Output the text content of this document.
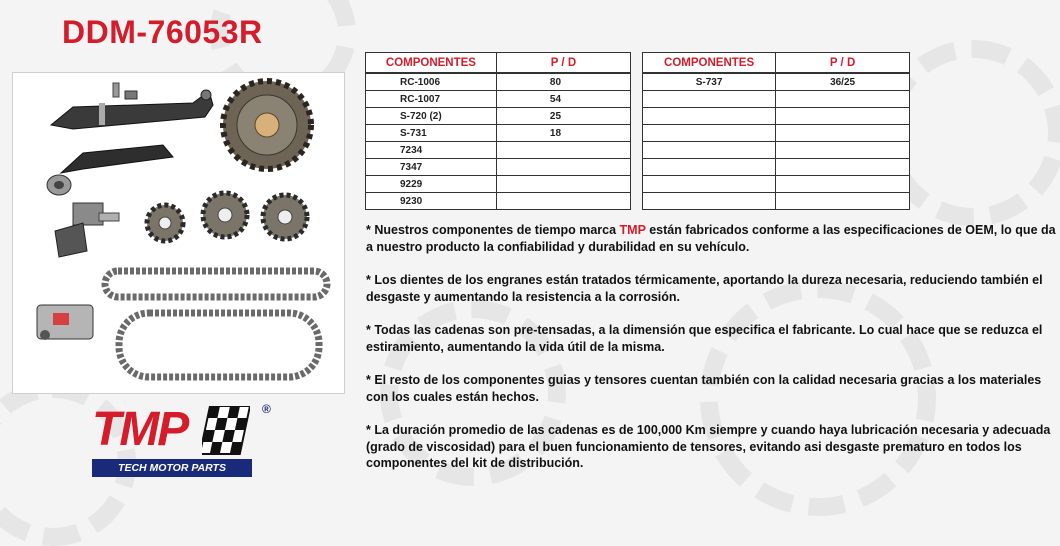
DDM-76053R
COMPONENTES	P / D
RC-1006	80
RC-1007	54
S-720 (2)	25
S-731	18
7234	
7347	
9229	
9230	
COMPONENTES	P / D
S-737	36/25

* Nuestros componentes de tiempo marca TMP están fabricados conforme a las especificaciones de OEM, lo que da a nuestro producto la confiabilidad y durabilidad en su vehículo.

* Los dientes de los engranes están tratados térmicamente, aportando la dureza necesaria, reduciendo también el desgaste y aumentando la resistencia a la corrosión.

* Todas las cadenas son pre-tensadas, a la dimensión que especifica el fabricante. Lo cual hace que se reduzca el estiramiento, aumentando la vida útil de la misma.

* El resto de los componentes guias y tensores cuentan también con la calidad necesaria gracias a los materiales con los cuales están hechos.

* La duración promedio de las cadenas es de 100,000 Km siempre y cuando haya lubricación necesaria y adecuada (grado de viscosidad) para el buen funcionamiento de tensores, evitando asi desgaste prematuro en todos los componentes del kit de distribución.

TMP	®
TECH MOTOR PARTS
